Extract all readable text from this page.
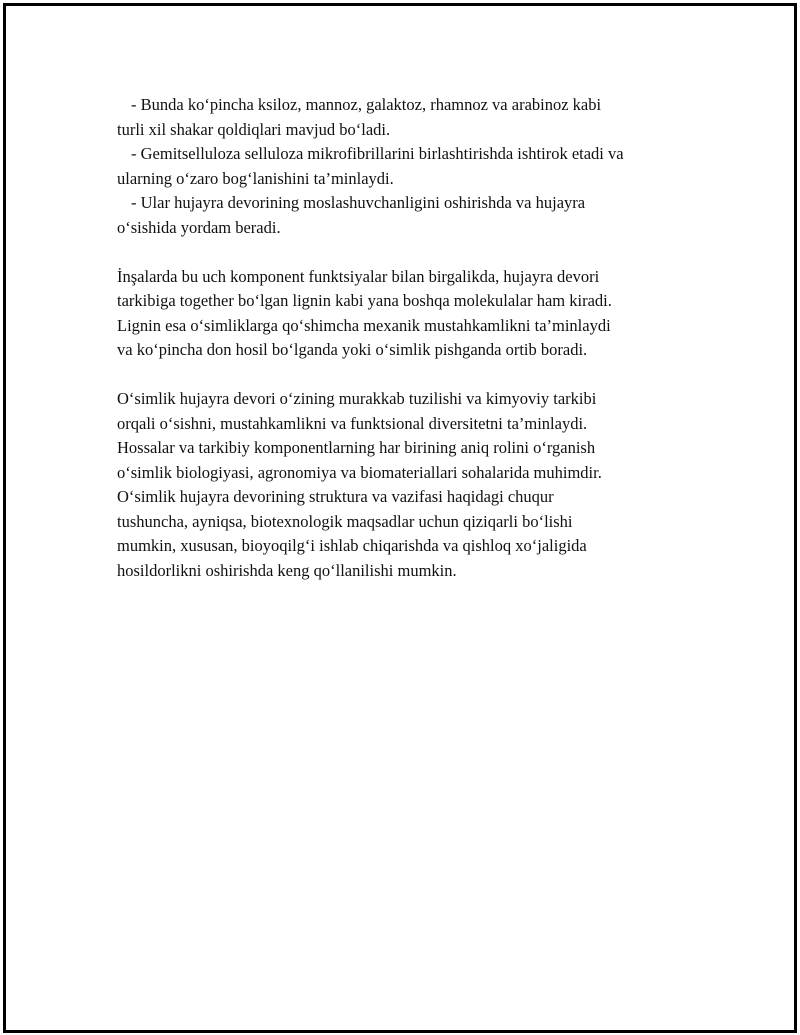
- Bunda ko‘pincha ksiloz, mannoz, galaktoz, rhamnoz va arabinoz kabi
turli xil shakar qoldiqlari mavjud bo‘ladi.
- Gemitselluloza selluloza mikrofibrillarini birlashtirishda ishtirok etadi va
ularning o‘zaro bog‘lanishini ta’minlaydi.
- Ular hujayra devorining moslashuvchanligini oshirishda va hujayra
o‘sishida yordam beradi.
İnşalarda bu uch komponent funktsiyalar bilan birgalikda, hujayra devori
tarkibiga together bo‘lgan lignin kabi yana boshqa molekulalar ham kiradi.
Lignin esa o‘simliklarga qo‘shimcha mexanik mustahkamlikni ta’minlaydi
va ko‘pincha don hosil bo‘lganda yoki o‘simlik pishganda ortib boradi.
O‘simlik hujayra devori o‘zining murakkab tuzilishi va kimyoviy tarkibi
orqali o‘sishni, mustahkamlikni va funktsional diversitetni ta’minlaydi.
Hossalar va tarkibiy komponentlarning har birining aniq rolini o‘rganish
o‘simlik biologiyasi, agronomiya va biomateriallari sohalarida muhimdir.
O‘simlik hujayra devorining struktura va vazifasi haqidagi chuqur
tushuncha, ayniqsa, biotexnologik maqsadlar uchun qiziqarli bo‘lishi
mumkin, xususan, bioyoqilg‘i ishlab chiqarishda va qishloq xo‘jaligida
hosildorlikni oshirishda keng qo‘llanilishi mumkin.
